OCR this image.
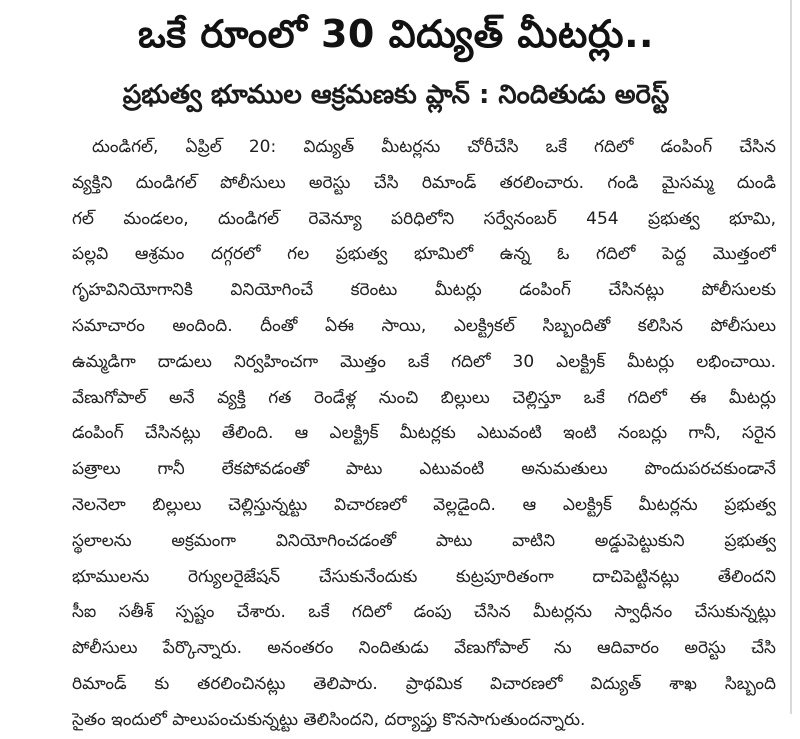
ఒకే రూంలో 30 విద్యుత్ మీటర్లు..
ప్రభుత్వ భూముల ఆక్రమణకు ప్లాన్ : నిందితుడు అరెస్ట్
దుండిగల్, ఏప్రిల్ 20: విద్యుత్ మీటర్లను చోరీచేసి ఒకే గదిలో డంపింగ్ చేసిన
వ్యక్తిని దుండిగల్ పోలీసులు అరెస్టు చేసి రిమాండ్ తరలించారు. గండి మైసమ్మ దుండి
గల్ మండలం, దుండిగల్ రెవెన్యూ పరిధిలోని సర్వేనంబర్ 454 ప్రభుత్వ భూమి,
పల్లవి ఆశ్రమం దగ్గరలో గల ప్రభుత్వ భూమిలో ఉన్న ఓ గదిలో పెద్ద మొత్తంలో
గృహవినియోగానికి వినియోగించే కరెంటు మీటర్లు డంపింగ్ చేసినట్లు పోలీసులకు
సమాచారం అందింది. దీంతో ఏఈ సాయి, ఎలక్ట్రికల్ సిబ్బందితో కలిసిన పోలీసులు
ఉమ్మడిగా దాడులు నిర్వహించగా మొత్తం ఒకే గదిలో 30 ఎలక్ట్రిక్ మీటర్లు లభించాయి.
వేణుగోపాల్ అనే వ్యక్తి గత రెండేళ్ల నుంచి బిల్లులు చెల్లిస్తూ ఒకే గదిలో ఈ మీటర్లు
డంపింగ్ చేసినట్లు తేలింది. ఆ ఎలక్ట్రిక్ మీటర్లకు ఎటువంటి ఇంటి నంబర్లు గానీ, సరైన
పత్రాలు గానీ లేకపోవడంతో పాటు ఎటువంటి అనుమతులు పొందుపరచకుండానే
నెలనెలా బిల్లులు చెల్లిస్తున్నట్టు విచారణలో వెల్లడైంది. ఆ ఎలక్ట్రిక్ మీటర్లను ప్రభుత్వ
స్థలాలను అక్రమంగా వినియోగించడంతో పాటు వాటిని అడ్డుపెట్టుకుని ప్రభుత్వ
భూములను రెగ్యులరైజేషన్ చేసుకునేందుకు కుట్రపూరితంగా దాచిపెట్టినట్లు తేలిందని
సీఐ సతీశ్ స్పష్టం చేశారు. ఒకే గదిలో డంపు చేసిన మీటర్లను స్వాధీనం చేసుకున్నట్లు
పోలీసులు పేర్కొన్నారు. అనంతరం నిందితుడు వేణుగోపాల్ ను ఆదివారం అరెస్టు చేసి
రిమాండ్ కు తరలించినట్లు తెలిపారు. ప్రాథమిక విచారణలో విద్యుత్ శాఖ సిబ్బంది
సైతం ఇందులో పాలుపంచుకున్నట్టు తెలిసిందని, దర్యాప్తు కొనసాగుతుందన్నారు.
